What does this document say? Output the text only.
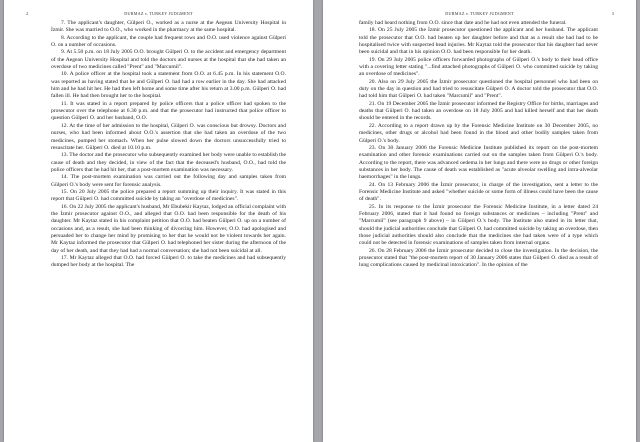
2	DURMAZ v. TURKEY JUDGMENT

7. The applicant's daughter, Gülperi O., worked as a nurse at the Aegean University Hospital in İzmir. She was married to O.O., who worked in the pharmacy at the same hospital.

8. According to the applicant, the couple had frequent rows and O.O. used violence against Gülperi O. on a number of occasions.

9. At 5.50 p.m. on 18 July 2005 O.O. brought Gülperi O. to the accident and emergency department of the Aegean University Hospital and told the doctors and nurses at the hospital that she had taken an overdose of two medicines called "Prent" and "Marcumil".

10. A police officer at the hospital took a statement from O.O. at 6.45 p.m. In his statement O.O. was reported as having stated that he and Gülperi O. had had a row earlier in the day. She had attacked him and he had hit her. He had then left home and some time after his return at 3.00 p.m. Gülperi O. had fallen ill. He had then brought her to the hospital.

11. It was stated in a report prepared by police officers that a police officer had spoken to the prosecutor over the telephone at 6.30 p.m. and that the prosecutor had instructed that police officer to question Gülperi O. and her husband, O.O.

12. At the time of her admission to the hospital, Gülperi O. was conscious but drowsy. Doctors and nurses, who had been informed about O.O.'s assertion that she had taken an overdose of the two medicines, pumped her stomach. When her pulse slowed down the doctors unsuccessfully tried to resuscitate her. Gülperi O. died at 10.10 p.m.

13. The doctor and the prosecutor who subsequently examined her body were unable to establish the cause of death and they decided, in view of the fact that the deceased's husband, O.O., had told the police officers that he had hit her, that a post-mortem examination was necessary.

14. The post-mortem examination was carried out the following day and samples taken from Gülperi O.'s body were sent for forensic analysis.

15. On 20 July 2005 the police prepared a report summing up their inquiry. It was stated in this report that Gülperi O. had committed suicide by taking an "overdose of medicines".

16. On 22 July 2005 the applicant's husband, Mr Ebubekir Kaytaz, lodged an official complaint with the İzmir prosecutor against O.O., and alleged that O.O. had been responsible for the death of his daughter. Mr Kaytaz stated in his complaint petition that O.O. had beaten Gülperi O. up on a number of occasions and, as a result, she had been thinking of divorcing him. However, O.O. had apologised and persuaded her to change her mind by promising to her that he would not be violent towards her again. Mr Kaytaz informed the prosecutor that Gülperi O. had telephoned her sister during the afternoon of the day of her death, and that they had had a normal conversation; she had not been suicidal at all.

17. Mr Kaytaz alleged that O.O. had forced Gülperi O. to take the medicines and had subsequently dumped her body at the hospital. The

DURMAZ v. TURKEY JUDGMENT	3

family had heard nothing from O.O. since that date and he had not even attended the funeral.

18. On 25 July 2005 the İzmir prosecutor questioned the applicant and her husband. The applicant told the prosecutor that O.O. had beaten up her daughter before and that as a result she had had to be hospitalised twice with suspected head injuries. Mr Kaytaz told the prosecutor that his daughter had never been suicidal and that in his opinion O.O. had been responsible for her death.

19. On 29 July 2005 police officers forwarded photographs of Gülperi O.'s body to their head office with a covering letter stating "...find attached photographs of Gülperi O. who committed suicide by taking an overdose of medicines".

20. Also on 29 July 2005 the İzmir prosecutor questioned the hospital personnel who had been on duty on the day in question and had tried to resuscitate Gülperi O. A doctor told the prosecutor that O.O. had told him that Gülperi O. had taken "Marcumil" and "Prent".

21. On 19 December 2005 the İzmir prosecutor informed the Registry Office for births, marriages and deaths that Gülperi O. had taken an overdose on 18 July 2005 and had killed herself and that her death should be entered in the records.

22. According to a report drawn up by the Forensic Medicine Institute on 30 December 2005, no medicines, other drugs or alcohol had been found in the blood and other bodily samples taken from Gülperi O.'s body.

23. On 30 January 2006 the Forensic Medicine Institute published its report on the post-mortem examination and other forensic examinations carried out on the samples taken from Gülperi O.'s body. According to the report, there was advanced oedema in her lungs and there were no drugs or other foreign substances in her body. The cause of death was established as "acute alveolar swelling and intra-alveolar haemorrhages" in the lungs.

24. On 13 February 2006 the İzmir prosecutor, in charge of the investigation, sent a letter to the Forensic Medicine Institute and asked "whether suicide or some form of illness could have been the cause of death".

25. In its response to the İzmir prosecutor the Forensic Medicine Institute, in a letter dated 24 February 2006, stated that it had found no foreign substances or medicines – including "Prent" and "Marcumil" (see paragraph 9 above) – in Gülperi O.'s body. The Institute also stated in its letter that, should the judicial authorities conclude that Gülperi O. had committed suicide by taking an overdose, then those judicial authorities should also conclude that the medicines she had taken were of a type which could not be detected in forensic examinations of samples taken from internal organs.

26. On 28 February 2006 the İzmir prosecutor decided to close the investigation. In the decision, the prosecutor stated that "the post-mortem report of 30 January 2006 states that Gülperi O. died as a result of lung complications caused by medicinal intoxication". In the opinion of the
